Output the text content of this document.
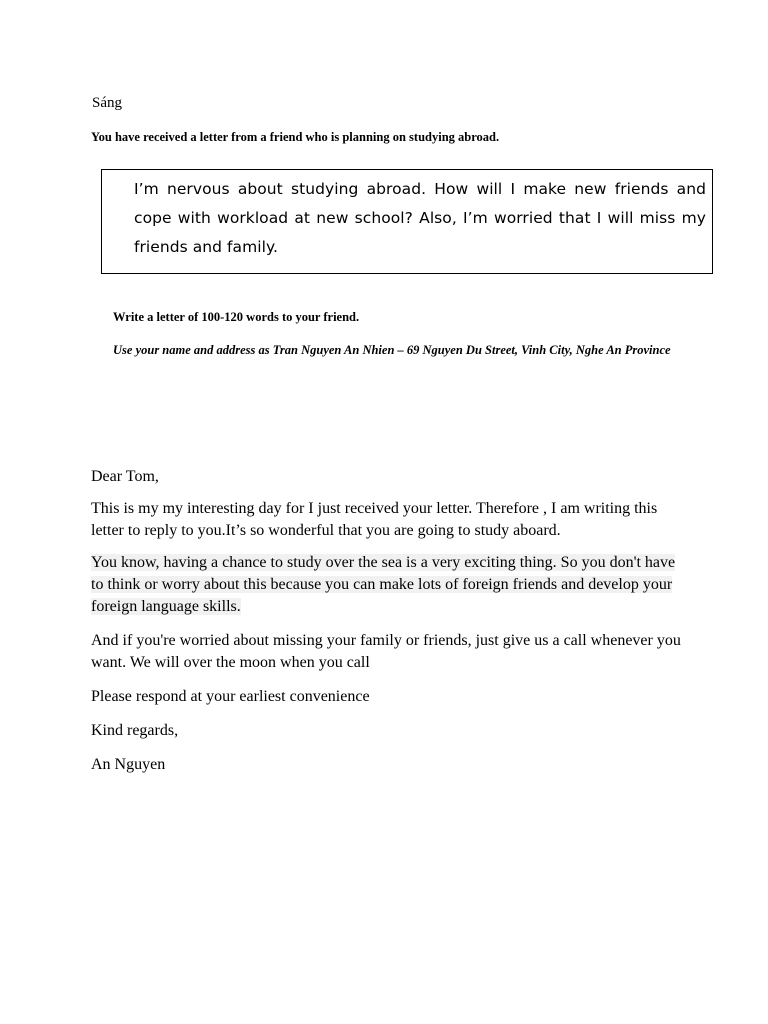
Sáng
You have received a letter from a friend who is planning on studying abroad.
I’m nervous about studying abroad. How will I make new friends and cope with workload at new school? Also, I’m worried that I will miss my friends and family.
Write a letter of 100-120 words to your friend.
Use your name and address as Tran Nguyen An Nhien – 69 Nguyen Du Street, Vinh City, Nghe An Province

Dear Tom,

This is my my interesting day for I just received your letter. Therefore , I am writing this letter to reply to you.It’s so wonderful that you are going to study aboard.

You know, having a chance to study over the sea is a very exciting thing. So you don't have to think or worry about this because you can make lots of foreign friends and develop your foreign language skills.

And if you're worried about missing your family or friends, just give us a call whenever you want. We will over the moon when you call

Please respond at your earliest convenience

Kind regards,

An Nguyen
